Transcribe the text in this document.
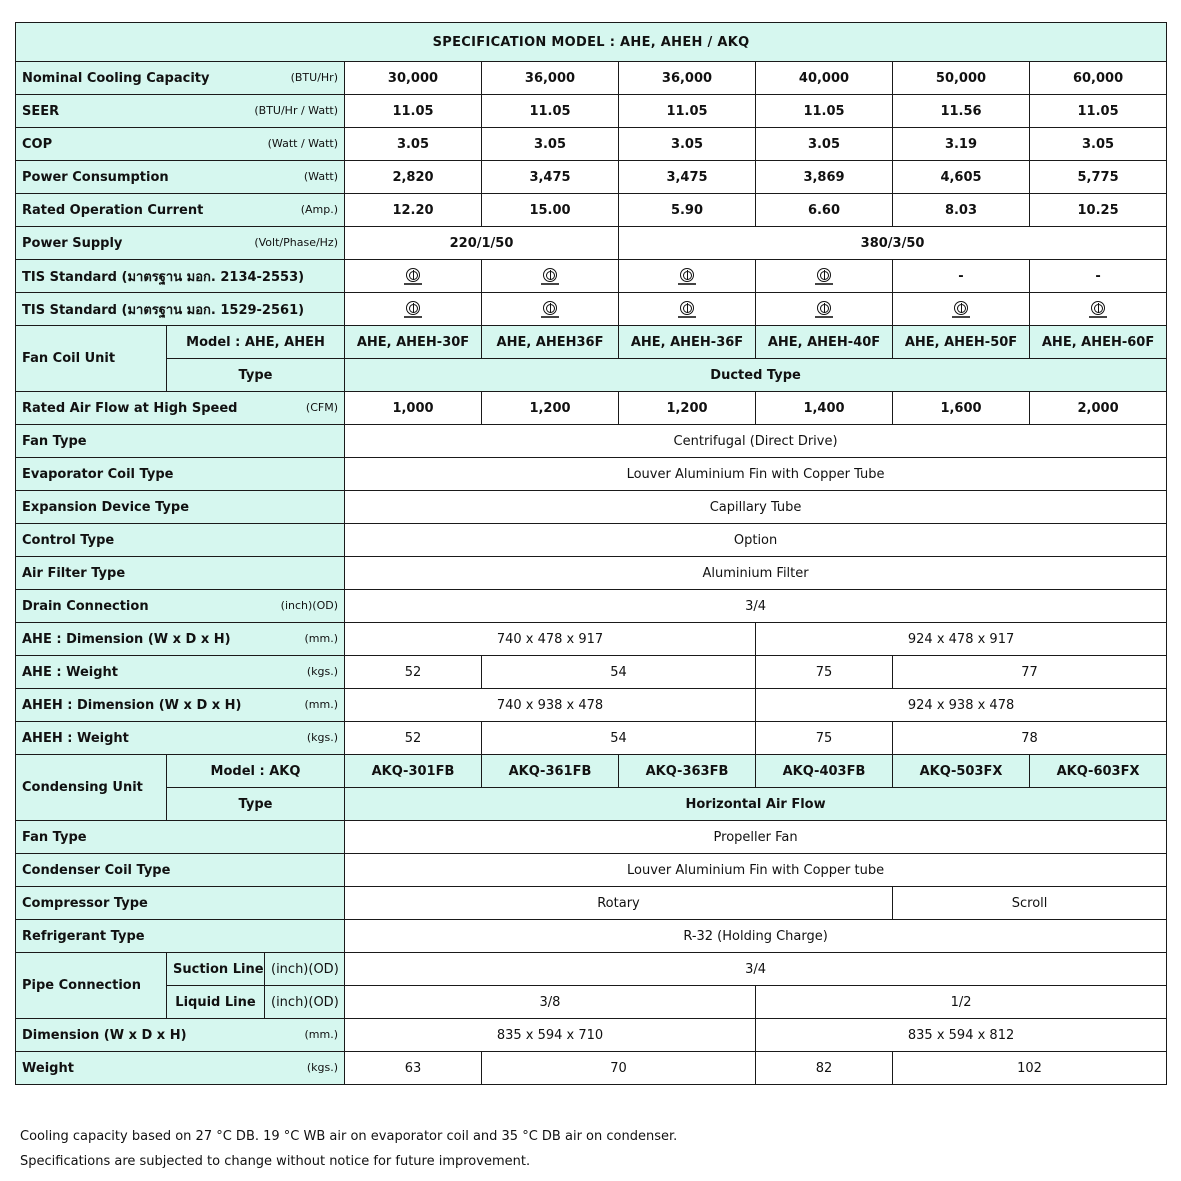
SPECIFICATION MODEL : AHE, AHEH / AKQ								

Nominal Cooling Capacity (BTU/Hr)			30,000	36,000	36,000	40,000	50,000	60,000

SEER (BTU/Hr / Watt)			11.05	11.05	11.05	11.05	11.56	11.05

COP (Watt / Watt)			3.05	3.05	3.05	3.05	3.19	3.05

Power Consumption (Watt)			2,820	3,475	3,475	3,869	4,605	5,775

Rated Operation Current (Amp.)			12.20	15.00	5.90	6.60	8.03	10.25

Power Supply (Volt/Phase/Hz)			220/1/50		380/3/50			
TIS Standard (มาตรฐาน มอก. 2134-2553)							-	-
TIS Standard (มาตรฐาน มอก. 1529-2561)			

Fan Coil Unit	Model : AHE, AHEH		AHE, AHEH-30F	AHE, AHEH36F	AHE, AHEH-36F	AHE, AHEH-40F	AHE, AHEH-50F	AHE, AHEH-60F
	Type		Ducted Type					

Rated Air Flow at High Speed (CFM)			1,000	1,200	1,200	1,400	1,600	2,000
Fan Type			Centrifugal (Direct Drive)					
Evaporator Coil Type			Louver Aluminium Fin with Copper Tube					
Expansion Device Type			Capillary Tube					
Control Type			Option					
Air Filter Type			Aluminium Filter					

Drain Connection (inch)(OD)			3/4					

AHE : Dimension (W x D x H) (mm.)			740 x 478 x 917			924 x 478 x 917		

AHE : Weight (kgs.)			52	54		75	77	

AHEH : Dimension (W x D x H) (mm.)			740 x 938 x 478			924 x 938 x 478		

AHEH : Weight (kgs.)			52	54		75	78	
Condensing Unit	Model : AKQ		AKQ-301FB	AKQ-361FB	AKQ-363FB	AKQ-403FB	AKQ-503FX	AKQ-603FX
	Type		Horizontal Air Flow					
Fan Type			Propeller Fan					
Condenser Coil Type			Louver Aluminium Fin with Copper tube					
Compressor Type			Rotary				Scroll	
Refrigerant Type			R-32 (Holding Charge)					
Pipe Connection	Suction Line	(inch)(OD)	3/4					
	Liquid Line	(inch)(OD)	3/8			1/2		

Dimension (W x D x H) (mm.)			835 x 594 x 710			835 x 594 x 812		

Weight (kgs.)			63	70		82	102	
Cooling capacity based on 27 °C DB. 19 °C WB air on evaporator coil and 35 °C DB air on condenser.
Specifications are subjected to change without notice for future improvement.
